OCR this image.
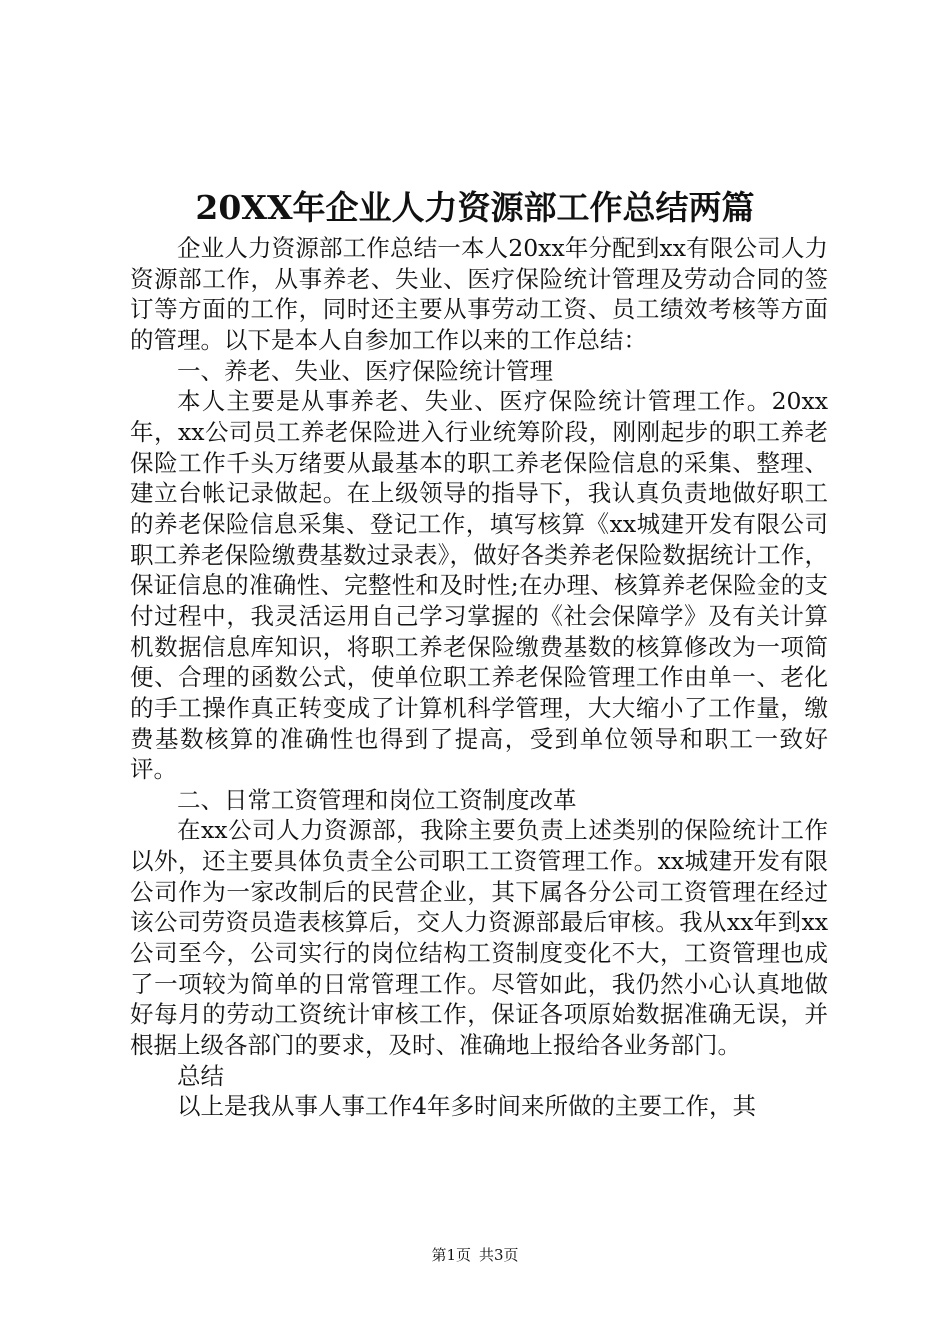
20XX年企业人力资源部工作总结两篇

企业人力资源部工作总结一本人20xx年分配到xx有限公司人力资源部工作，从事养老、失业、医疗保险统计管理及劳动合同的签订等方面的工作，同时还主要从事劳动工资、员工绩效考核等方面的管理。以下是本人自参加工作以来的工作总结：

一、养老、失业、医疗保险统计管理

本人主要是从事养老、失业、医疗保险统计管理工作。20xx年，xx公司员工养老保险进入行业统筹阶段，刚刚起步的职工养老保险工作千头万绪要从最基本的职工养老保险信息的采集、整理、建立台帐记录做起。在上级领导的指导下，我认真负责地做好职工的养老保险信息采集、登记工作，填写核算《xx城建开发有限公司职工养老保险缴费基数过录表》，做好各类养老保险数据统计工作，保证信息的准确性、完整性和及时性;在办理、核算养老保险金的支付过程中，我灵活运用自己学习掌握的《社会保障学》及有关计算机数据信息库知识，将职工养老保险缴费基数的核算修改为一项简便、合理的函数公式，使单位职工养老保险管理工作由单一、老化的手工操作真正转变成了计算机科学管理，大大缩小了工作量，缴费基数核算的准确性也得到了提高，受到单位领导和职工一致好评。

二、日常工资管理和岗位工资制度改革

在xx公司人力资源部，我除主要负责上述类别的保险统计工作以外，还主要具体负责全公司职工工资管理工作。xx城建开发有限公司作为一家改制后的民营企业，其下属各分公司工资管理在经过该公司劳资员造表核算后，交人力资源部最后审核。我从xx年到xx公司至今，公司实行的岗位结构工资制度变化不大，工资管理也成了一项较为简单的日常管理工作。尽管如此，我仍然小心认真地做好每月的劳动工资统计审核工作，保证各项原始数据准确无误，并根据上级各部门的要求，及时、准确地上报给各业务部门。

总结

以上是我从事人事工作4年多时间来所做的主要工作，其

第1页 共3页
